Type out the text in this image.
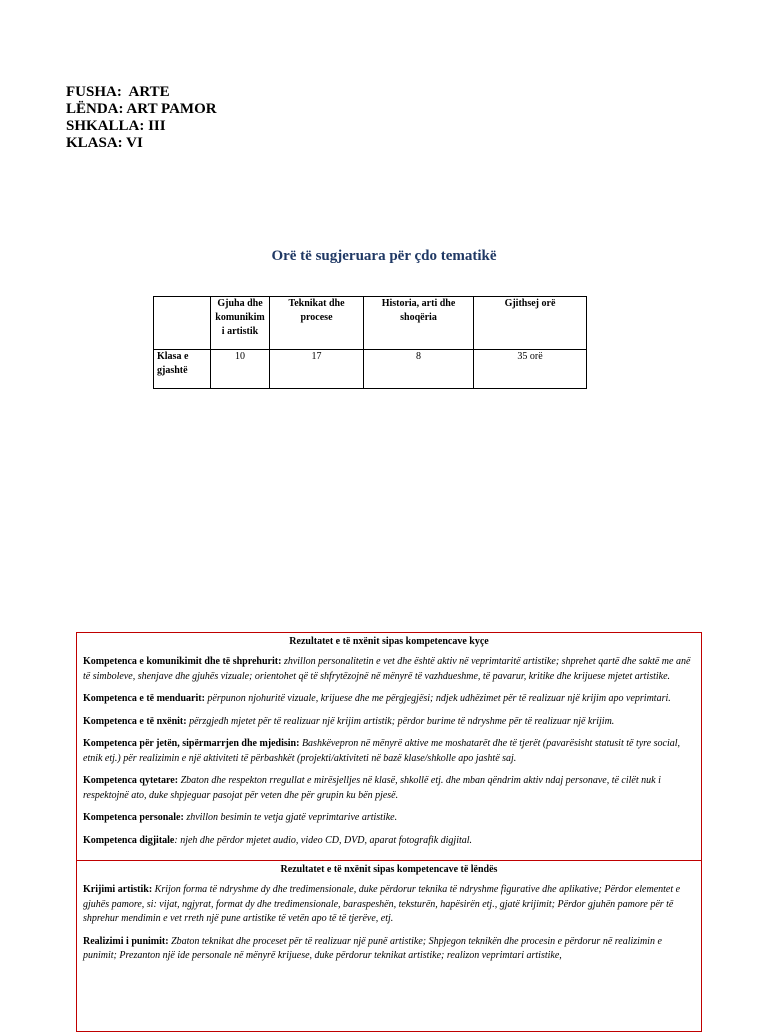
FUSHA:  ARTE
LËNDA: ART PAMOR
SHKALLA: III
KLASA: VI
Orë të sugjeruara për çdo tematikë
	Gjuha dhe komunikim i artistik	Teknikat dhe procese	Historia, arti dhe shoqëria	Gjithsej orë
Klasa e gjashtë	10	17	8	35 orë
Rezultatet e të nxënit sipas kompetencave kyçe
Kompetenca e komunikimit dhe të shprehurit: zhvillon personalitetin e vet dhe është aktiv në veprimtaritë artistike; shprehet qartë dhe saktë me anë të simboleve, shenjave dhe gjuhës vizuale; orientohet që të shfrytëzojnë në mënyrë të vazhdueshme, të pavarur, kritike dhe krijuese mjetet artistike.
Kompetenca e të menduarit: përpunon njohuritë vizuale, krijuese dhe me përgjegjësi; ndjek udhëzimet për të realizuar një krijim apo veprimtari.
Kompetenca e të nxënit: përzgjedh mjetet për të realizuar një krijim artistik; përdor burime të ndryshme për të realizuar një krijim.
Kompetenca për jetën, sipërmarrjen dhe mjedisin: Bashkëvepron në mënyrë aktive me moshatarët dhe të tjerët (pavarësisht statusit të tyre social, etnik etj.) për realizimin e një aktiviteti të përbashkët (projekti/aktiviteti në bazë klase/shkolle apo jashtë saj.
Kompetenca qytetare: Zbaton dhe respekton rregullat e mirësjelljes në klasë, shkollë etj. dhe mban qëndrim aktiv ndaj personave, të cilët nuk i respektojnë ato, duke shpjeguar pasojat për veten dhe për grupin ku bën pjesë.
Kompetenca personale: zhvillon besimin te vetja gjatë veprimtarive artistike.
Kompetenca digjitale: njeh dhe përdor mjetet audio, video CD, DVD, aparat fotografik digjital.
Rezultatet e të nxënit sipas kompetencave të lëndës
Krijimi artistik: Krijon forma të ndryshme dy dhe tredimensionale, duke përdorur teknika të ndryshme figurative dhe aplikative; Përdor elementet e gjuhës pamore, si: vijat, ngjyrat, format dy dhe tredimensionale, baraspeshën, teksturën, hapësirën etj., gjatë krijimit; Përdor gjuhën pamore për të shprehur mendimin e vet rreth një pune artistike të vetën apo të të tjerëve, etj.
Realizimi i punimit: Zbaton teknikat dhe proceset për të realizuar një punë artistike; Shpjegon teknikën dhe procesin e përdorur në realizimin e punimit; Prezanton një ide personale në mënyrë krijuese, duke përdorur teknikat artistike; realizon veprimtari artistike,
